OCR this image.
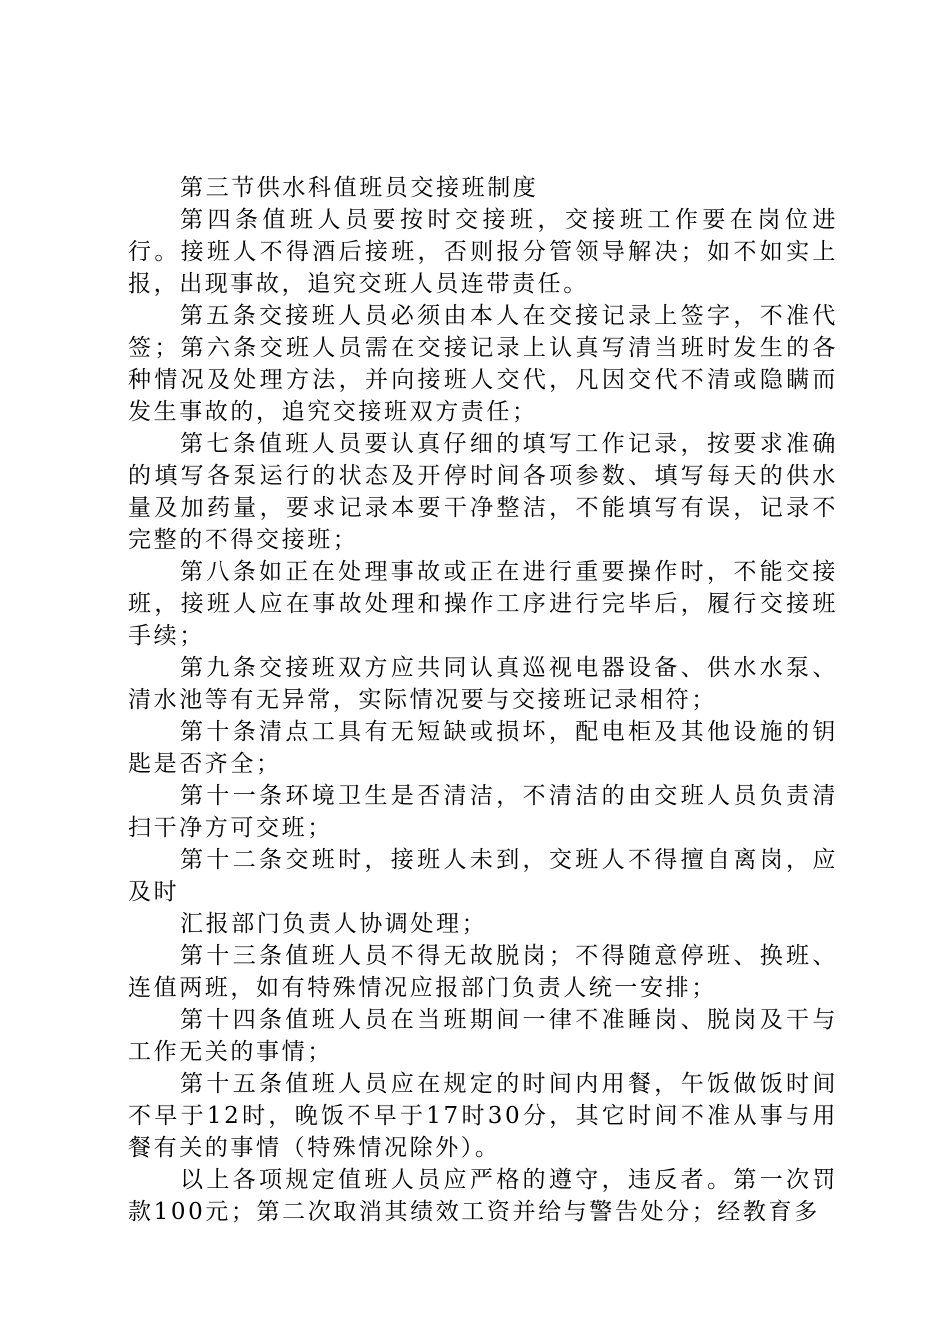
第三节供水科值班员交接班制度

第四条值班人员要按时交接班，交接班工作要在岗位进行。接班人不得酒后接班，否则报分管领导解决；如不如实上报，出现事故，追究交班人员连带责任。

第五条交接班人员必须由本人在交接记录上签字，不准代签；第六条交班人员需在交接记录上认真写清当班时发生的各种情况及处理方法，并向接班人交代，凡因交代不清或隐瞒而发生事故的，追究交接班双方责任；

第七条值班人员要认真仔细的填写工作记录，按要求准确的填写各泵运行的状态及开停时间各项参数、填写每天的供水量及加药量，要求记录本要干净整洁，不能填写有误，记录不完整的不得交接班；

第八条如正在处理事故或正在进行重要操作时，不能交接班，接班人应在事故处理和操作工序进行完毕后，履行交接班手续；

第九条交接班双方应共同认真巡视电器设备、供水水泵、清水池等有无异常，实际情况要与交接班记录相符；

第十条清点工具有无短缺或损坏，配电柜及其他设施的钥匙是否齐全；

第十一条环境卫生是否清洁，不清洁的由交班人员负责清扫干净方可交班；

第十二条交班时，接班人未到，交班人不得擅自离岗，应及时

汇报部门负责人协调处理；

第十三条值班人员不得无故脱岗；不得随意停班、换班、连值两班，如有特殊情况应报部门负责人统一安排；

第十四条值班人员在当班期间一律不准睡岗、脱岗及干与工作无关的事情；

第十五条值班人员应在规定的时间内用餐，午饭做饭时间不早于12时，晚饭不早于17时30分，其它时间不准从事与用餐有关的事情（特殊情况除外）。

以上各项规定值班人员应严格的遵守，违反者。第一次罚款100元；第二次取消其绩效工资并给与警告处分；经教育多
